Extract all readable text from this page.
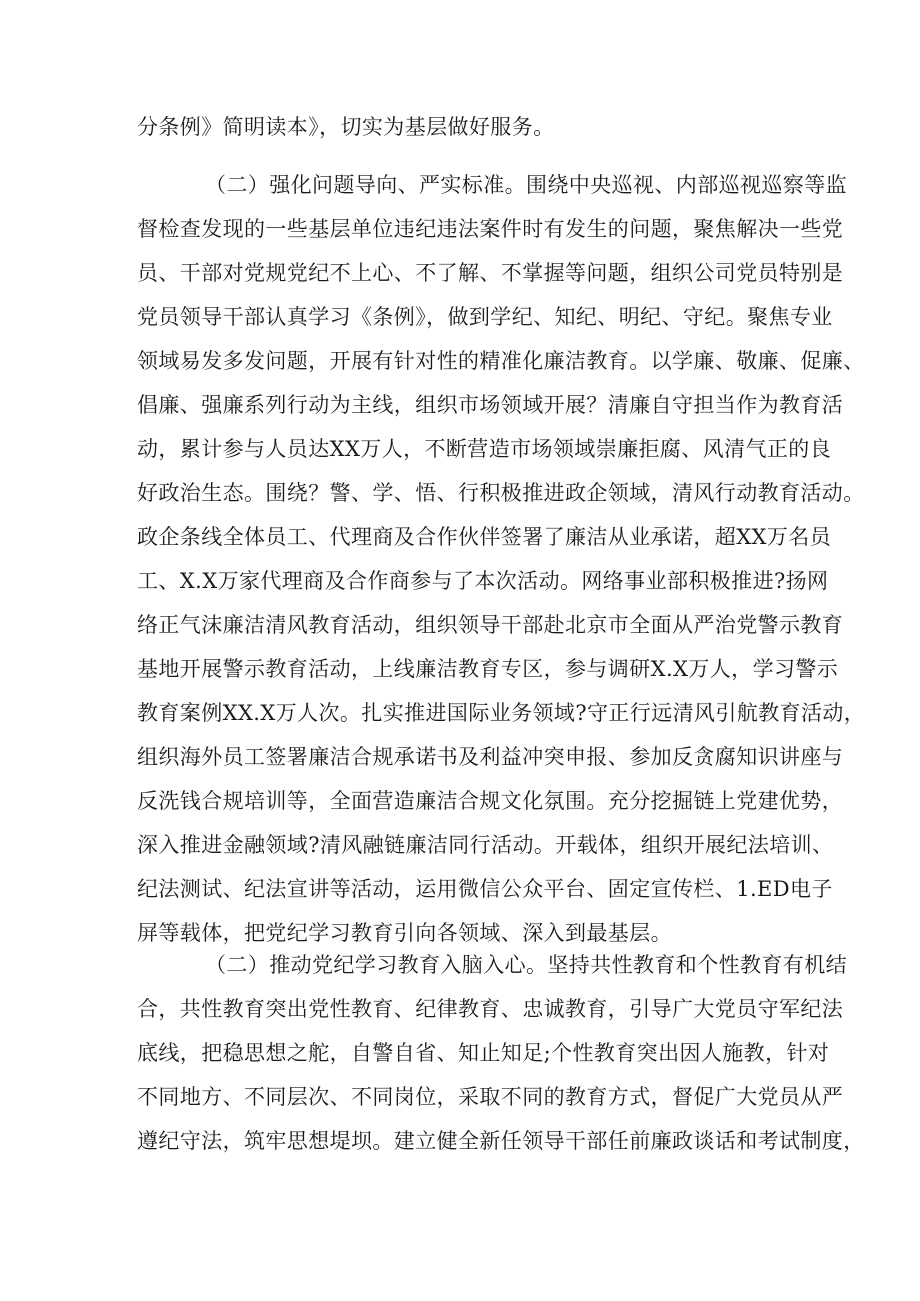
分条例》简明读本》，切实为基层做好服务。
（二）强化问题导向、严实标准。围绕中央巡视、内部巡视巡察等监
督检查发现的一些基层单位违纪违法案件时有发生的问题，聚焦解决一些党
员、干部对党规党纪不上心、不了解、不掌握等问题，组织公司党员特别是
党员领导干部认真学习《条例》，做到学纪、知纪、明纪、守纪。聚焦专业
领域易发多发问题，开展有针对性的精准化廉洁教育。以学廉、敬廉、促廉、
倡廉、强廉系列行动为主线，组织市场领域开展？清廉自守担当作为教育活
动，累计参与人员达XX万人，不断营造市场领域崇廉拒腐、风清气正的良
好政治生态。围绕？警、学、悟、行积极推进政企领域，清风行动教育活动。
政企条线全体员工、代理商及合作伙伴签署了廉洁从业承诺，超XX万名员
工、X.X万家代理商及合作商参与了本次活动。网络事业部积极推进?扬网
络正气沫廉洁清风教育活动，组织领导干部赴北京市全面从严治党警示教育
基地开展警示教育活动，上线廉洁教育专区，参与调研X.X万人，学习警示
教育案例XX.X万人次。扎实推进国际业务领域?守正行远清风引航教育活动，
组织海外员工签署廉洁合规承诺书及利益冲突申报、参加反贪腐知识讲座与
反洗钱合规培训等，全面营造廉洁合规文化氛围。充分挖掘链上党建优势，
深入推进金融领域?清风融链廉洁同行活动。开载体，组织开展纪法培训、
纪法测试、纪法宣讲等活动，运用微信公众平台、固定宣传栏、1.ED电子
屏等载体，把党纪学习教育引向各领域、深入到最基层。
（二）推动党纪学习教育入脑入心。坚持共性教育和个性教育有机结
合，共性教育突出党性教育、纪律教育、忠诚教育，引导广大党员守军纪法
底线，把稳思想之舵，自警自省、知止知足;个性教育突出因人施教，针对
不同地方、不同层次、不同岗位，采取不同的教育方式，督促广大党员从严
遵纪守法，筑牢思想堤坝。建立健全新任领导干部任前廉政谈话和考试制度，
